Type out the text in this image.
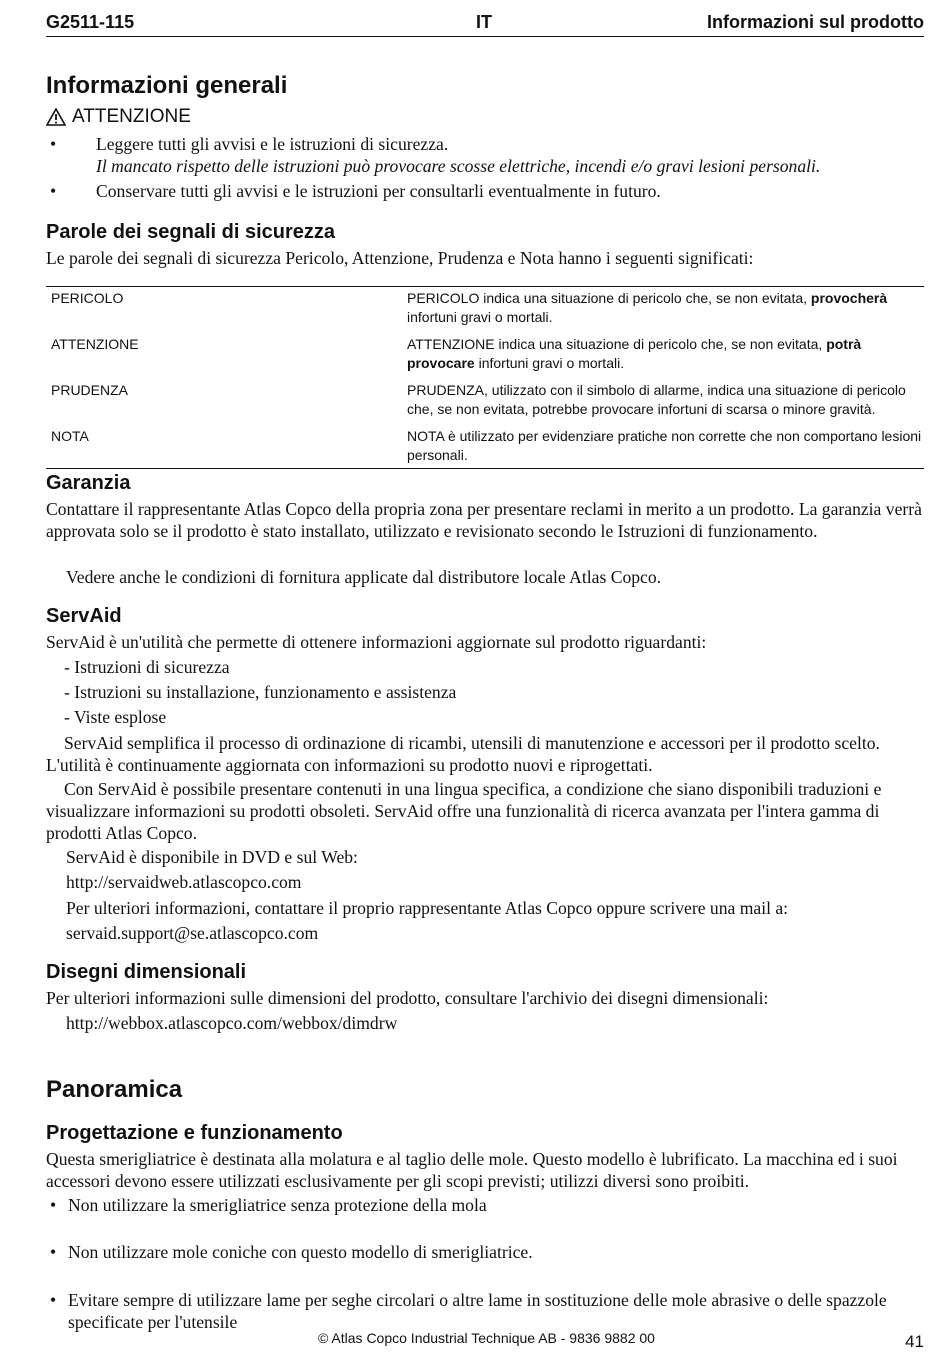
G2511-115	IT	Informazioni sul prodotto
Informazioni generali
ATTENZIONE
• Leggere tutti gli avvisi e le istruzioni di sicurezza.
Il mancato rispetto delle istruzioni può provocare scosse elettriche, incendi e/o gravi lesioni personali.
• Conservare tutti gli avvisi e le istruzioni per consultarli eventualmente in futuro.
Parole dei segnali di sicurezza

Le parole dei segnali di sicurezza Pericolo, Attenzione, Prudenza e Nota hanno i seguenti significati:

PERICOLO	PERICOLO indica una situazione di pericolo che, se non evitata, provocherà infortuni gravi o mortali.
ATTENZIONE	ATTENZIONE indica una situazione di pericolo che, se non evitata, potrà provocare infortuni gravi o mortali.
PRUDENZA	PRUDENZA, utilizzato con il simbolo di allarme, indica una situazione di pericolo che, se non evitata, potrebbe provocare infortuni di scarsa o minore gravità.
NOTA	NOTA è utilizzato per evidenziare pratiche non corrette che non comportano lesioni personali.
Garanzia

Contattare il rappresentante Atlas Copco della propria zona per presentare reclami in merito a un prodotto. La garanzia verrà approvata solo se il prodotto è stato installato, utilizzato e revisionato secondo le Istruzioni di funzionamento.

Vedere anche le condizioni di fornitura applicate dal distributore locale Atlas Copco.

ServAid

ServAid è un'utilità che permette di ottenere informazioni aggiornate sul prodotto riguardanti:

- Istruzioni di sicurezza

- Istruzioni su installazione, funzionamento e assistenza

- Viste esplose

ServAid semplifica il processo di ordinazione di ricambi, utensili di manutenzione e accessori per il prodotto scelto. L'utilità è continuamente aggiornata con informazioni su prodotto nuovi e riprogettati.

Con ServAid è possibile presentare contenuti in una lingua specifica, a condizione che siano disponibili traduzioni e visualizzare informazioni su prodotti obsoleti. ServAid offre una funzionalità di ricerca avanzata per l'intera gamma di prodotti Atlas Copco.

ServAid è disponibile in DVD e sul Web:

http://servaidweb.atlascopco.com

Per ulteriori informazioni, contattare il proprio rappresentante Atlas Copco oppure scrivere una mail a:

servaid.support@se.atlascopco.com

Disegni dimensionali

Per ulteriori informazioni sulle dimensioni del prodotto, consultare l'archivio dei disegni dimensionali:

http://webbox.atlascopco.com/webbox/dimdrw

Panoramica
Progettazione e funzionamento

Questa smerigliatrice è destinata alla molatura e al taglio delle mole. Questo modello è lubrificato. La macchina ed i suoi accessori devono essere utilizzati esclusivamente per gli scopi previsti; utilizzi diversi sono proibiti.

• Non utilizzare la smerigliatrice senza protezione della mola

• Non utilizzare mole coniche con questo modello di smerigliatrice.

• Evitare sempre di utilizzare lame per seghe circolari o altre lame in sostituzione delle mole abrasive o delle spazzole specificate per l'utensile

© Atlas Copco Industrial Technique AB - 9836 9882 00	41
